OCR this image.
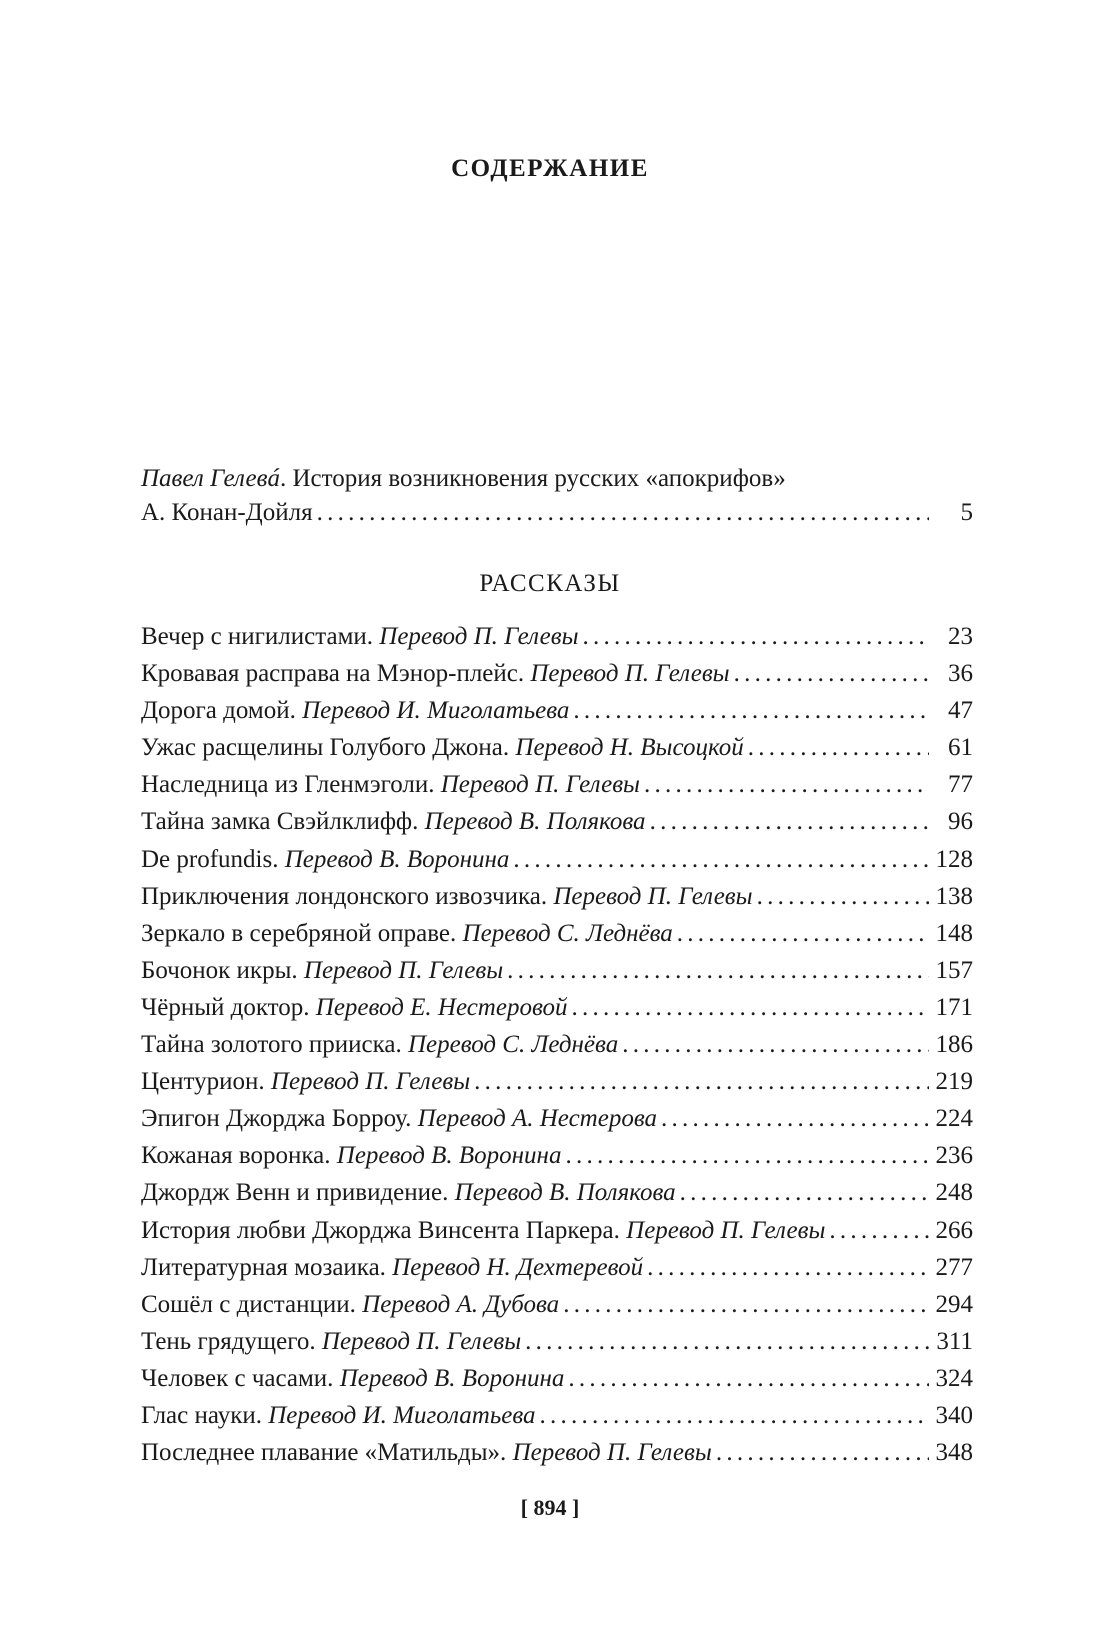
СОДЕРЖАНИЕ
Павел Гелевá. История возникновения русских «апокрифов»
А. Конан-Дойля . . .	5
РАССКАЗЫ
Вечер с нигилистами. Перевод П. Гелевы . . .	23
Кровавая расправа на Мэнор-плейс. Перевод П. Гелевы . . .	36
Дорога домой. Перевод И. Миголатьева . . .	47
Ужас расщелины Голубого Джона. Перевод Н. Высоцкой . . .	61
Наследница из Гленмэголи. Перевод П. Гелевы . . .	77
Тайна замка Свэйлклифф. Перевод В. Полякова . . .	96
De profundis. Перевод В. Воронина . . .	128
Приключения лондонского извозчика. Перевод П. Гелевы . . .	138
Зеркало в серебряной оправе. Перевод С. Леднёва . . .	148
Бочонок икры. Перевод П. Гелевы . . .	157
Чёрный доктор. Перевод Е. Нестеровой . . .	171
Тайна золотого прииска. Перевод С. Леднёва . . .	186
Центурион. Перевод П. Гелевы . . .	219
Эпигон Джорджа Борроу. Перевод А. Нестерова . . .	224
Кожаная воронка. Перевод В. Воронина . . .	236
Джордж Венн и привидение. Перевод В. Полякова . . .	248
История любви Джорджа Винсента Паркера. Перевод П. Гелевы . . .	266
Литературная мозаика. Перевод Н. Дехтеревой . . .	277
Сошёл с дистанции. Перевод А. Дубова . . .	294
Тень грядущего. Перевод П. Гелевы . . .	311
Человек с часами. Перевод В. Воронина . . .	324
Глас науки. Перевод И. Миголатьева . . .	340
Последнее плавание «Матильды». Перевод П. Гелевы . . .	348
[ 894 ]
